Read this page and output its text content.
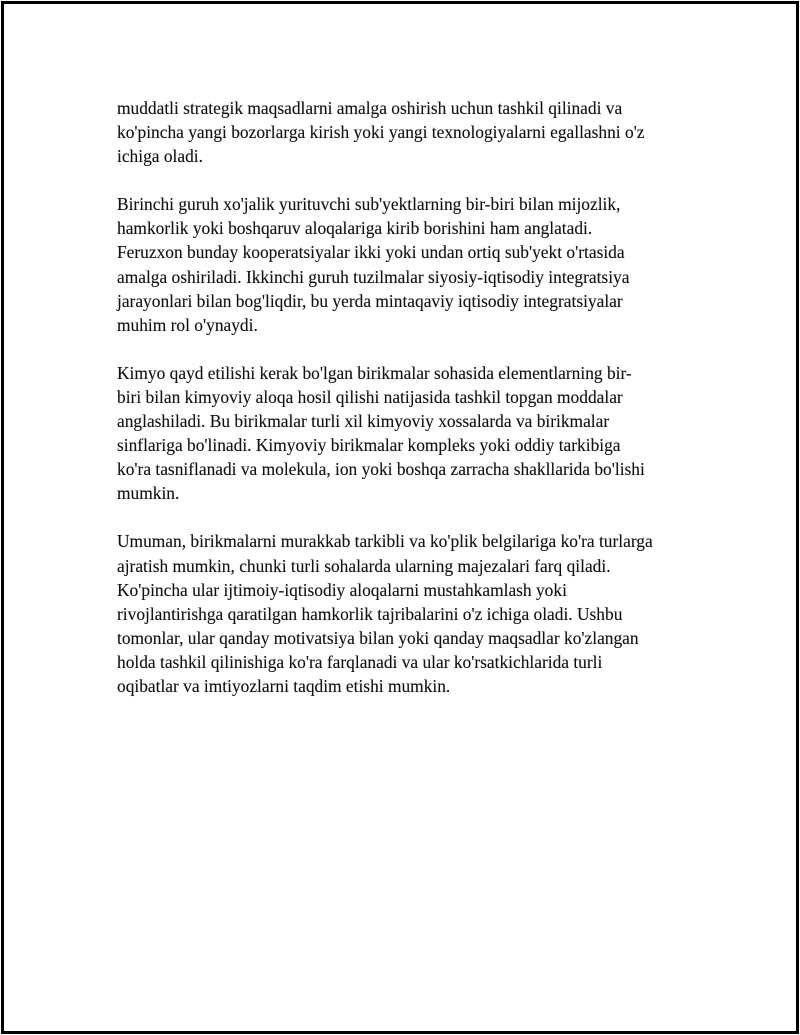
muddatli strategik maqsadlarni amalga oshirish uchun tashkil qilinadi va
ko'pincha yangi bozorlarga kirish yoki yangi texnologiyalarni egallashni o'z
ichiga oladi.

Birinchi guruh xo'jalik yurituvchi sub'yektlarning bir-biri bilan mijozlik,
hamkorlik yoki boshqaruv aloqalariga kirib borishini ham anglatadi.
Feruzxon bunday kooperatsiyalar ikki yoki undan ortiq sub'yekt o'rtasida
amalga oshiriladi. Ikkinchi guruh tuzilmalar siyosiy-iqtisodiy integratsiya
jarayonlari bilan bog'liqdir, bu yerda mintaqaviy iqtisodiy integratsiyalar
muhim rol o'ynaydi.

Kimyo qayd etilishi kerak bo'lgan birikmalar sohasida elementlarning bir-
biri bilan kimyoviy aloqa hosil qilishi natijasida tashkil topgan moddalar
anglashiladi. Bu birikmalar turli xil kimyoviy xossalarda va birikmalar
sinflariga bo'linadi. Kimyoviy birikmalar kompleks yoki oddiy tarkibiga
ko'ra tasniflanadi va molekula, ion yoki boshqa zarracha shakllarida bo'lishi
mumkin.

Umuman, birikmalarni murakkab tarkibli va ko'plik belgilariga ko'ra turlarga
ajratish mumkin, chunki turli sohalarda ularning majezalari farq qiladi.
Ko'pincha ular ijtimoiy-iqtisodiy aloqalarni mustahkamlash yoki
rivojlantirishga qaratilgan hamkorlik tajribalarini o'z ichiga oladi. Ushbu
tomonlar, ular qanday motivatsiya bilan yoki qanday maqsadlar ko'zlangan
holda tashkil qilinishiga ko'ra farqlanadi va ular ko'rsatkichlarida turli
oqibatlar va imtiyozlarni taqdim etishi mumkin.
